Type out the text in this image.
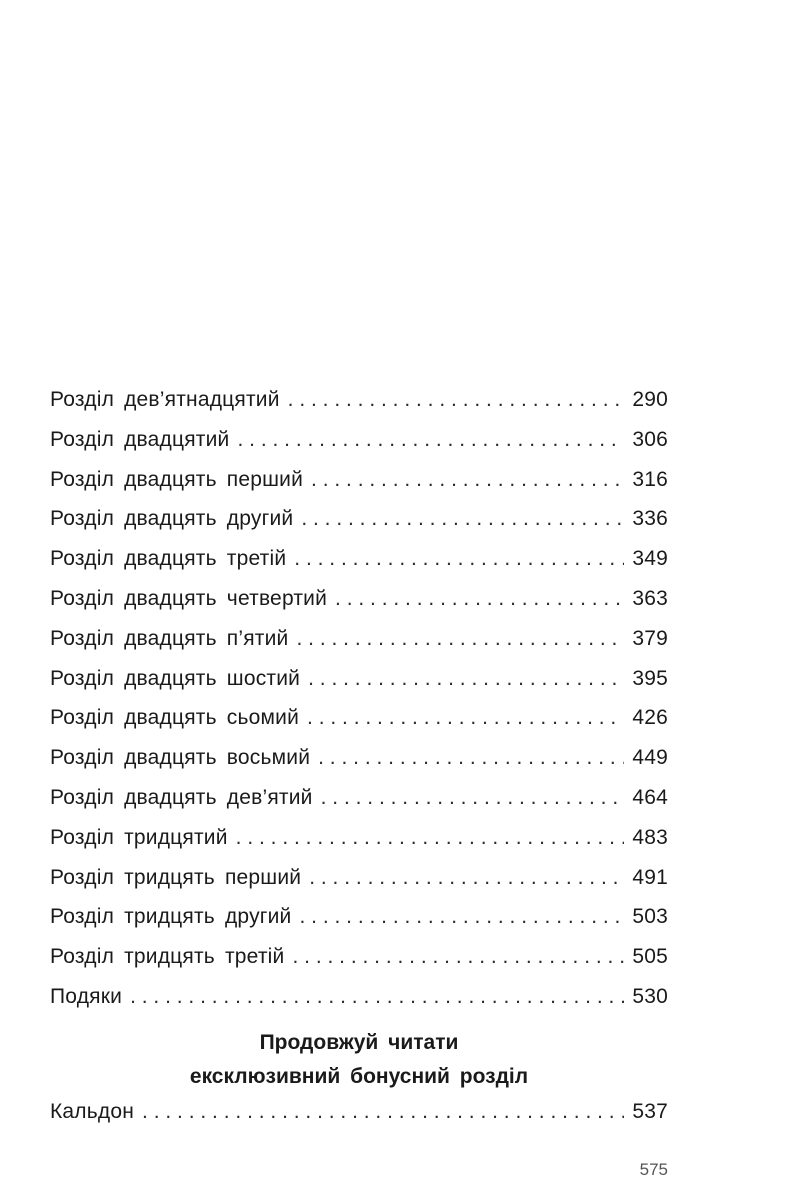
Розділ дев’ятнадцятий . . .	290
Розділ двадцятий . . .	306
Розділ двадцять перший . . .	316
Розділ двадцять другий . . .	336
Розділ двадцять третій . . .	349
Розділ двадцять четвертий . . .	363
Розділ двадцять п’ятий . . .	379
Розділ двадцять шостий . . .	395
Розділ двадцять сьомий . . .	426
Розділ двадцять восьмий . . .	449
Розділ двадцять дев’ятий . . .	464
Розділ тридцятий . . .	483
Розділ тридцять перший . . .	491
Розділ тридцять другий . . .	503
Розділ тридцять третій . . .	505
Подяки . . .	530
Продовжуй читати
ексклюзивний бонусний розділ
Кальдон . . .	537
575
